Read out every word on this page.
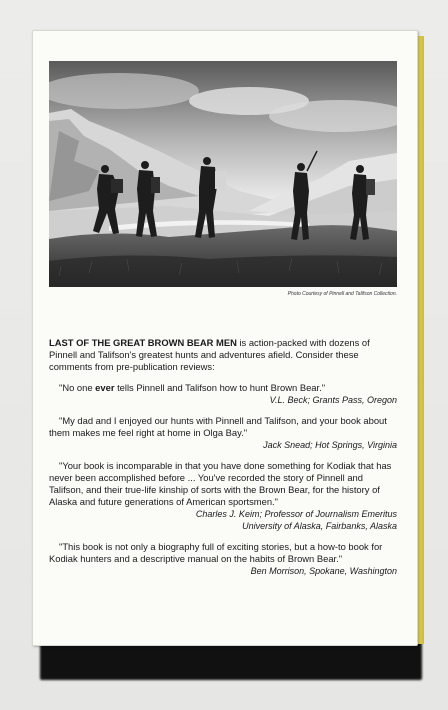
Photo Courtesy of Pinnell and Talifson Collection.

LAST OF THE GREAT BROWN BEAR MEN is action-packed with dozens of Pinnell and Talifson's greatest hunts and adventures afield. Consider these comments from pre-publication reviews:

"No one ever tells Pinnell and Talifson how to hunt Brown Bear."

V.L. Beck; Grants Pass, Oregon

"My dad and I enjoyed our hunts with Pinnell and Talifson, and your book about them makes me feel right at home in Olga Bay."

Jack Snead; Hot Springs, Virginia

"Your book is incomparable in that you have done something for Kodiak that has never been accomplished before ... You've recorded the story of Pinnell and Talifson, and their true-life kinship of sorts with the Brown Bear, for the history of Alaska and future generations of American sportsmen."

Charles J. Keim; Professor of Journalism Emeritus

University of Alaska, Fairbanks, Alaska

"This book is not only a biography full of exciting stories, but a how-to book for Kodiak hunters and a descriptive manual on the habits of Brown Bear."

Ben Morrison, Spokane, Washington
